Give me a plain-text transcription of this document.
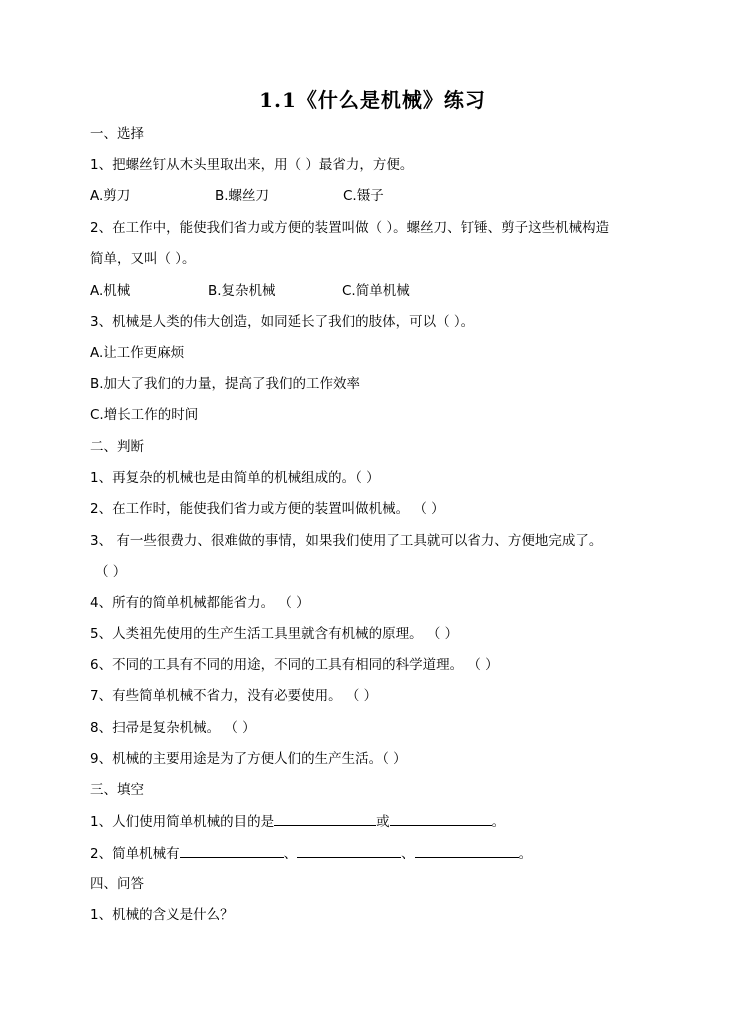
1.1《什么是机械》练习
一、选择
1、把螺丝钉从木头里取出来，用（ ）最省力，方便。
A.剪刀	B.螺丝刀	C.镊子
2、在工作中，能使我们省力或方便的装置叫做（ ）。螺丝刀、钉锤、剪子这些机械构造
简单，又叫（ ）。
A.机械	B.复杂机械	C.简单机械
3、机械是人类的伟大创造，如同延长了我们的肢体，可以（ ）。
A.让工作更麻烦
B.加大了我们的力量，提高了我们的工作效率
C.增长工作的时间
二、判断
1、再复杂的机械也是由简单的机械组成的。（ ）
2、在工作时，能使我们省力或方便的装置叫做机械。 （ ）
3、 有一些很费力、很难做的事情，如果我们使用了工具就可以省力、方便地完成了。
（ ）
4、所有的简单机械都能省力。 （ ）
5、人类祖先使用的生产生活工具里就含有机械的原理。 （ ）
6、不同的工具有不同的用途，不同的工具有相同的科学道理。 （ ）
7、有些简单机械不省力，没有必要使用。 （ ）
8、扫帚是复杂机械。 （ ）
9、机械的主要用途是为了方便人们的生产生活。（ ）
三、填空
1、人们使用简单机械的目的是	或	。
2、简单机械有	、	、	。
四、问答
1、机械的含义是什么？
